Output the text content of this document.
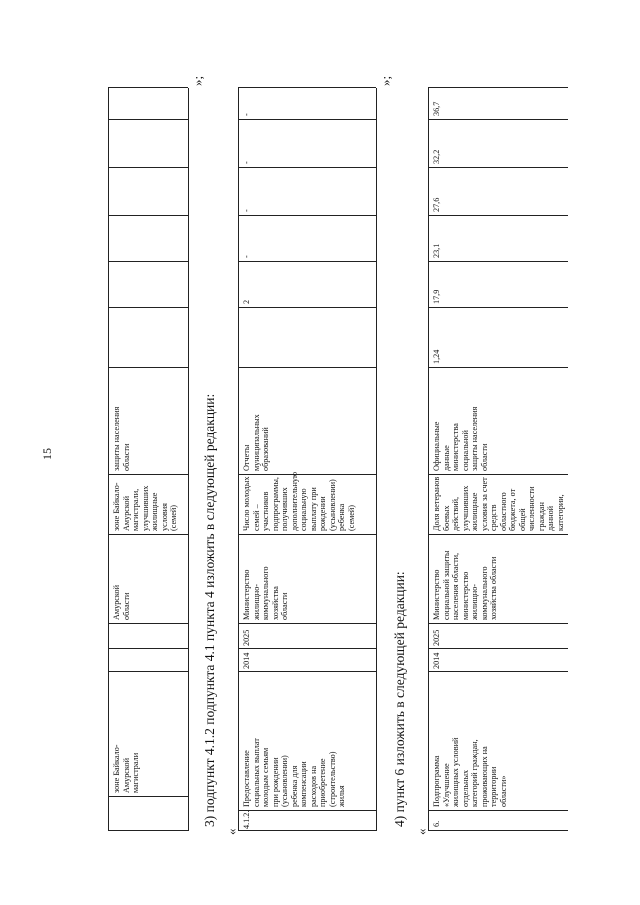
15
зоне Байкало-
Амурской
магистрали
Амурской
области
зоне Байкало-
Амурской
магистрали,
улучшивших
жилищные
условия (семей)
защиты населения
области
»;
3) подпункт 4.1.2 подпункта 4.1 пункта 4 изложить в следующей редакции:
«
4.1.2.
Предоставление
социальных выплат
молодым семьям
при рождении
(усыновлении)
ребенка для
компенсации
расходов на
приобретение
(строительство)
жилья
2014
2025
Министерство
жилищно-
коммунального
хозяйства
области
Число молодых
семей –
участников
подпрограммы,
получивших
дополнительную
социальную
выплату при
рождении
(усыновлении)
ребенка (семей)
Отчеты
муниципальных
образований
2
-
-
-
-
»;
4) пункт 6 изложить в следующей редакции:
«
6.
Подпрограмма
«Улучшение
жилищных условий
отдельных
категорий граждан,
проживающих на
территории
области»
2014
2025
Министерство
социальной защиты
населения области,
министерство
жилищно-
коммунального
хозяйства области
Доля ветеранов
боевых
действий,
улучшивших
жилищные
условия за счет
средств
областного
бюджета, от
общей
численности
граждан данной
категории,
Официальные
данные
министерства
социальной
защиты населения
области
1,24
17,9
23,1
27,6
32,2
36,7
